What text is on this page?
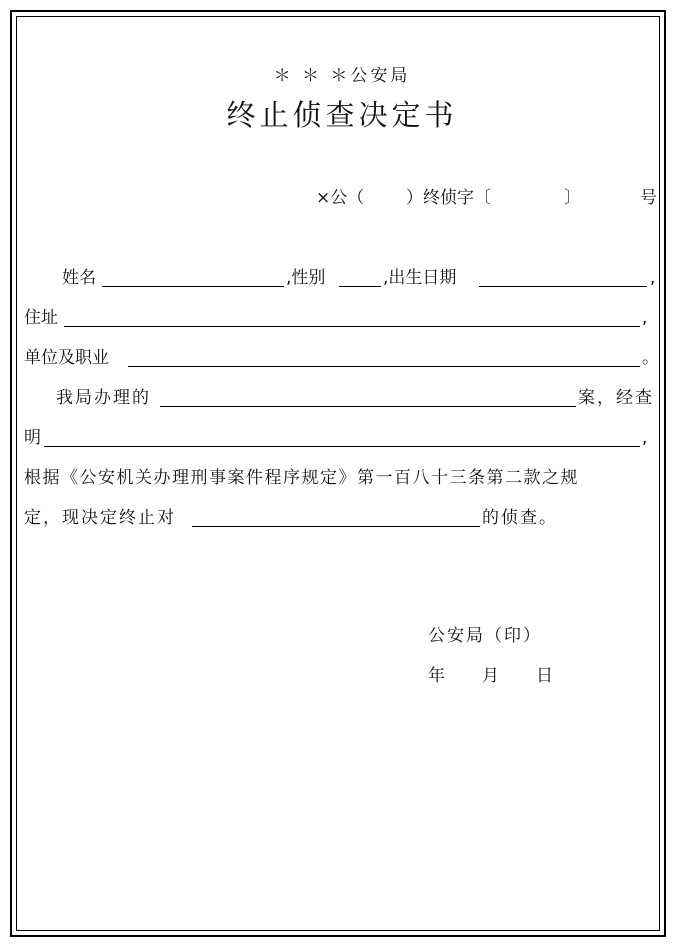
＊ ＊ ＊公安局
终止侦查决定书
×公（ ）终侦字〔	〕	号
姓名	,性别	,出生日期	,
住址	,
单位及职业	。
我局办理的	案，经查
明	,
根据《公安机关办理刑事案件程序规定》第一百八十三条第二款之规
定，现决定终止对	的侦查。
公安局（印）
年 月 日
